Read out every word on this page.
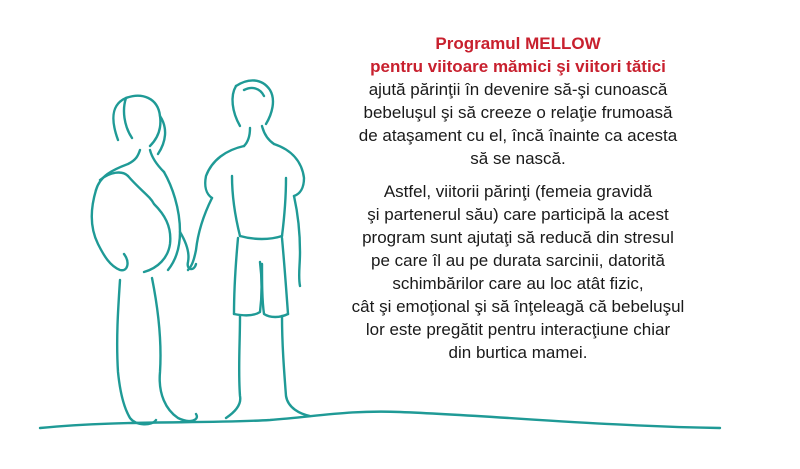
Programul MELLOW
pentru viitoare mămici şi viitori tătici
ajută părinţii în devenire să-şi cunoască
bebeluşul şi să creeze o relaţie frumoasă
de ataşament cu el, încă înainte ca acesta
să se nască.
Astfel, viitorii părinţi (femeia gravidă
şi partenerul său) care participă la acest
program sunt ajutaţi să reducă din stresul
pe care îl au pe durata sarcinii, datorită
schimbărilor care au loc atât fizic,
cât şi emoţional şi să înţeleagă că bebeluşul
lor este pregătit pentru interacţiune chiar
din burtica mamei.
